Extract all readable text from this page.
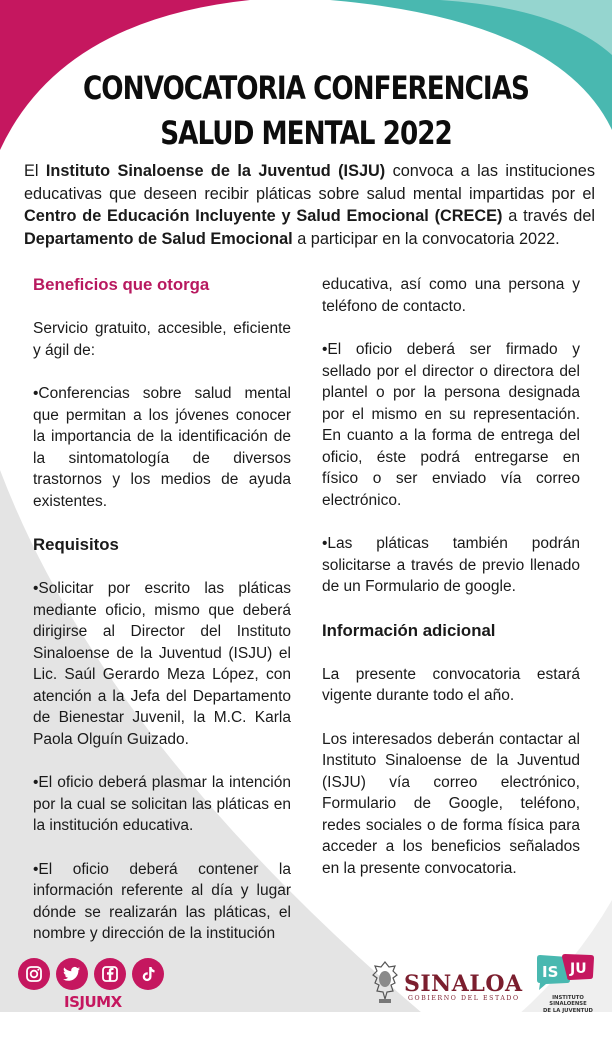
CONVOCATORIA CONFERENCIAS
SALUD MENTAL 2022
El Instituto Sinaloense de la Juventud (ISJU) convoca a las instituciones educativas que deseen recibir pláticas sobre salud mental impartidas por el Centro de Educación Incluyente y Salud Emocional (CRECE) a través del Departamento de Salud Emocional a participar en la convocatoria 2022.
Beneficios que otorga

Servicio gratuito, accesible, eficiente y ágil de:

•Conferencias sobre salud mental que permitan a los jóvenes conocer la importancia de la identificación de la sintomatología de diversos trastornos y los medios de ayuda existentes.

Requisitos

•Solicitar por escrito las pláticas mediante oficio, mismo que deberá dirigirse al Director del Instituto Sinaloense de la Juventud (ISJU) el Lic. Saúl Gerardo Meza López, con atención a la Jefa del Departamento de Bienestar Juvenil, la M.C. Karla Paola Olguín Guizado.

•El oficio deberá plasmar la intención por la cual se solicitan las pláticas en la institución educativa.

•El oficio deberá contener la información referente al día y lugar dónde se realizarán las pláticas, el nombre y dirección de la institución

educativa, así como una persona y teléfono de contacto.

•El oficio deberá ser firmado y sellado por el director o directora del plantel o por la persona designada por el mismo en su representación. En cuanto a la forma de entrega del oficio, éste podrá entregarse en físico o ser enviado vía correo electrónico.

•Las pláticas también podrán solicitarse a través de previo llenado de un Formulario de google.

Información adicional

La presente convocatoria estará vigente durante todo el año.

Los interesados deberán contactar al Instituto Sinaloense de la Juventud (ISJU) vía correo electrónico, Formulario de Google, teléfono, redes sociales o de forma física para acceder a los beneficios señalados en la presente convocatoria.

ISJUMX
SINALOA
GOBIERNO DEL ESTADO
IS JU
INSTITUTO SINALOENSE
DE LA JUVENTUD
